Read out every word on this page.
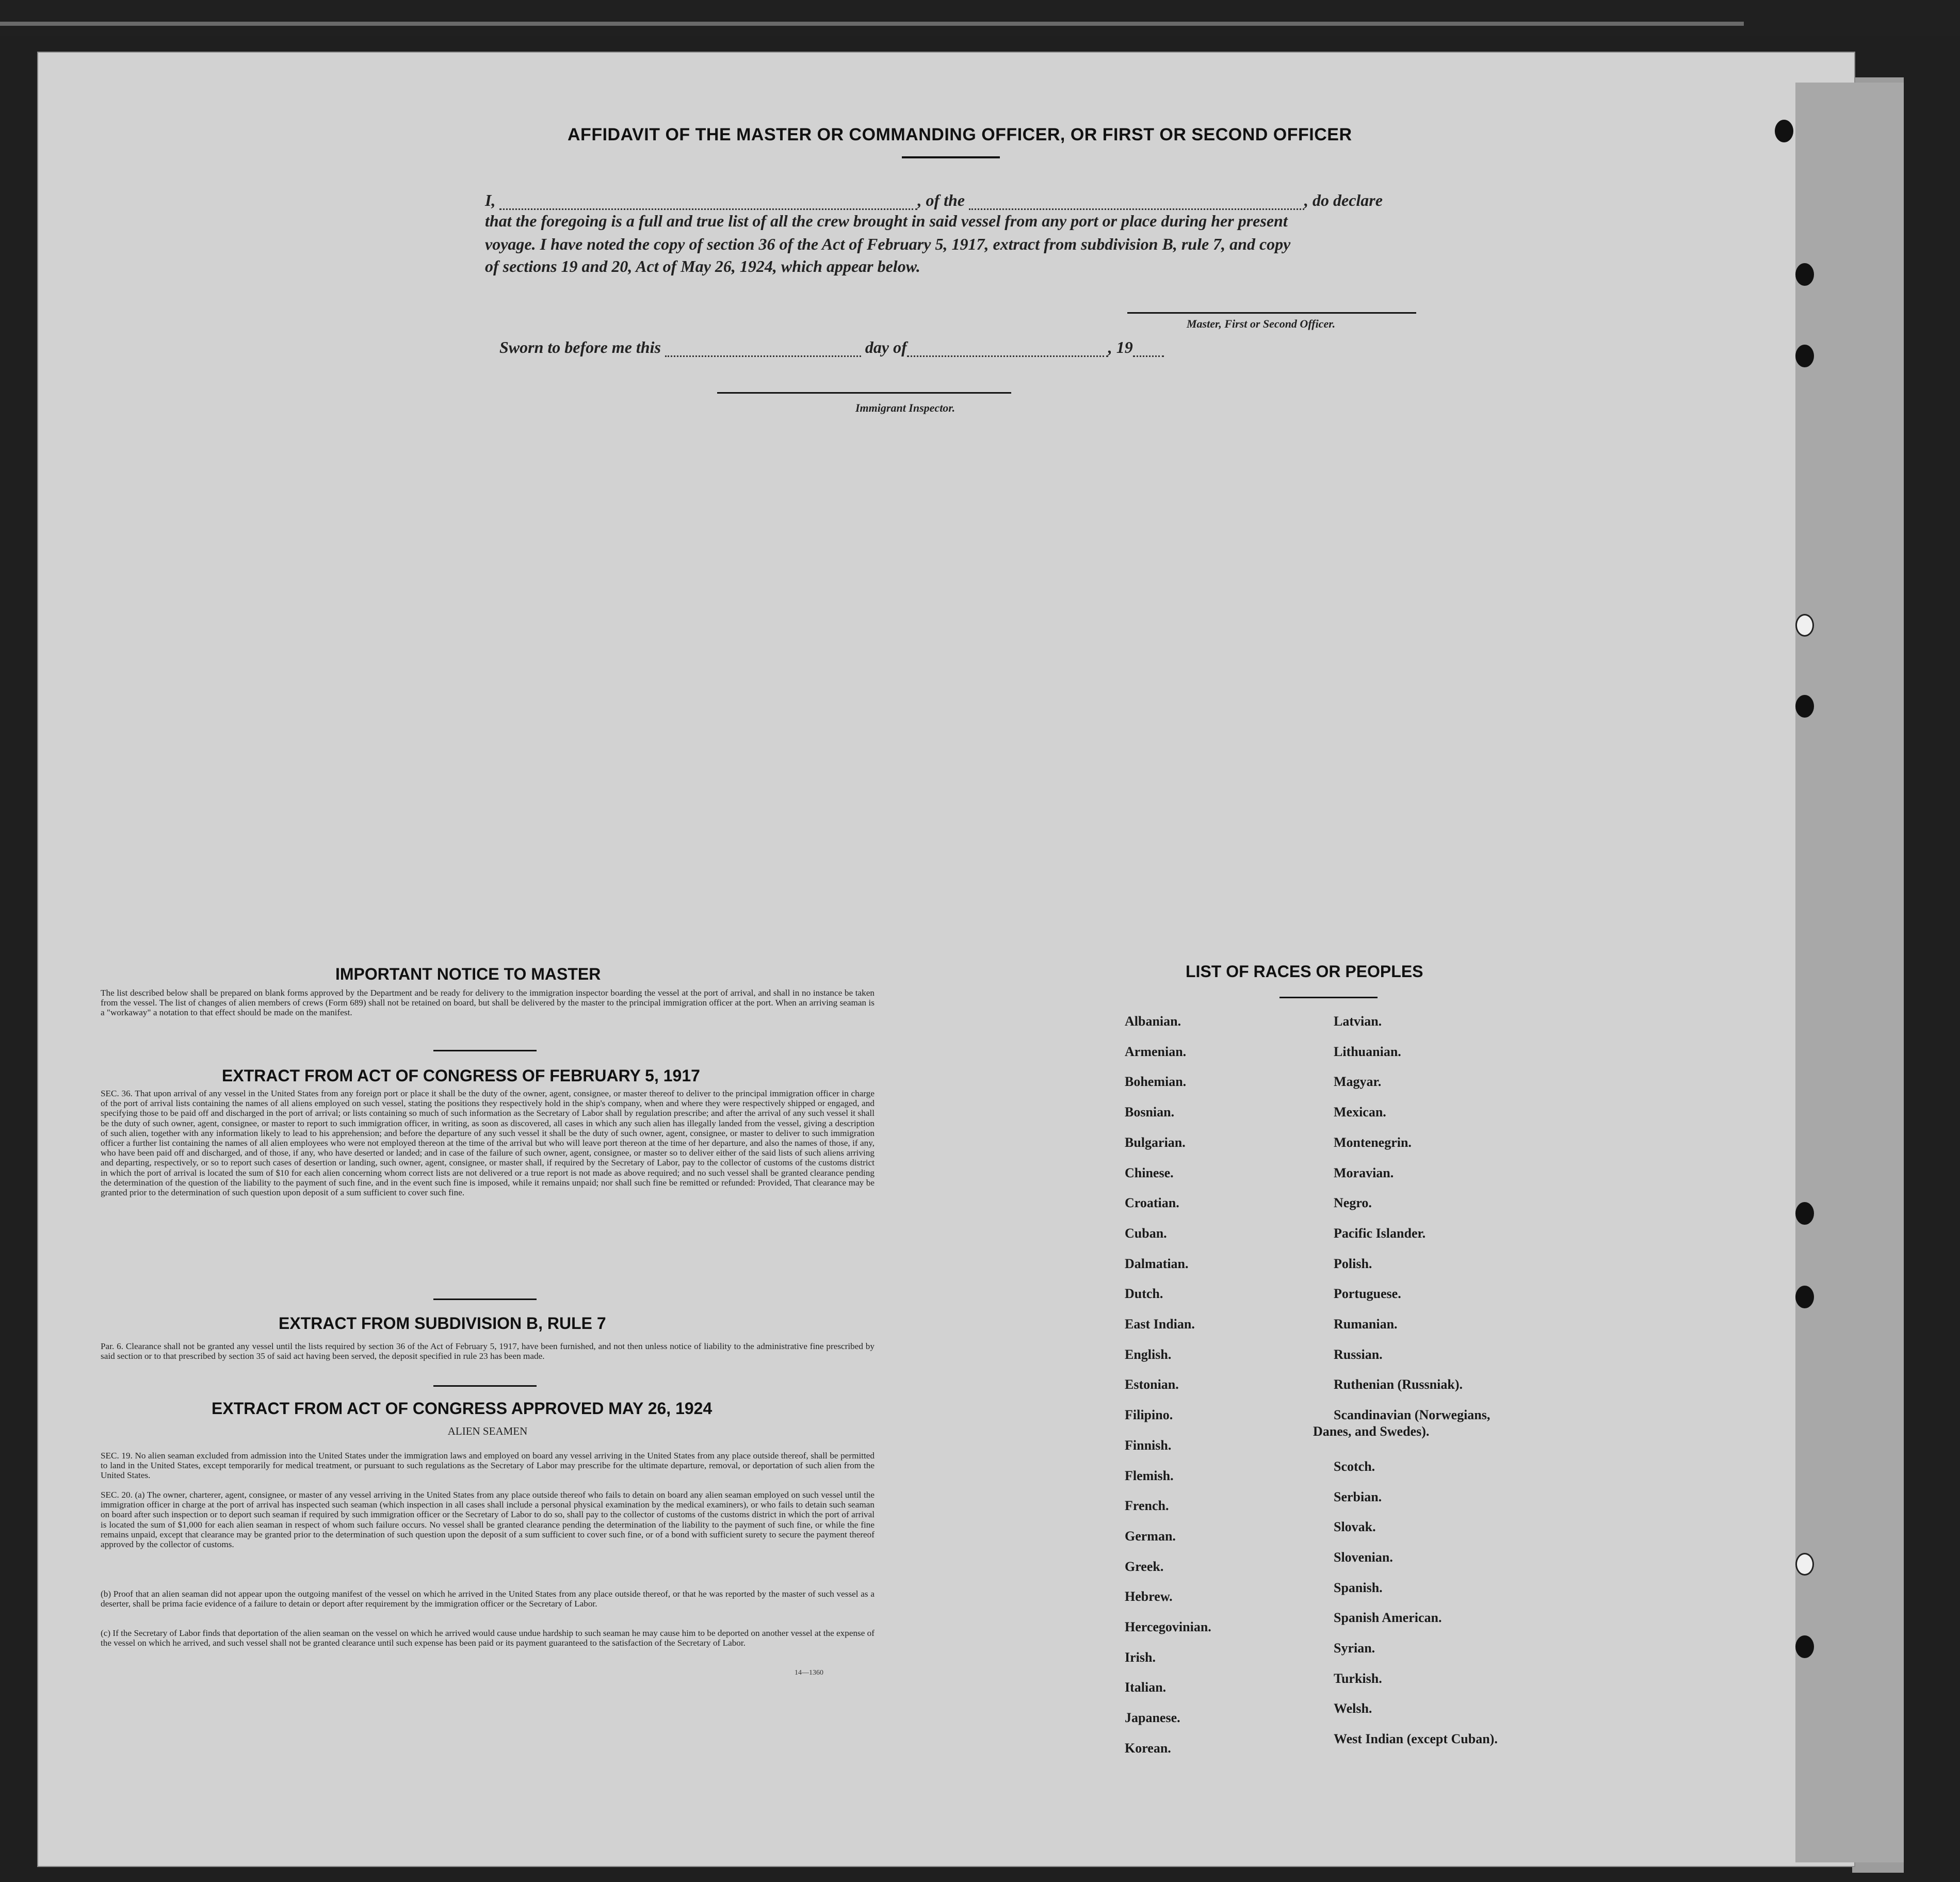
AFFIDAVIT OF THE MASTER OR COMMANDING OFFICER, OR FIRST OR SECOND OFFICER
I,	, of the	, do declare
that the foregoing is a full and true list of all the crew brought in said vessel from any port or place during her present
voyage. I have noted the copy of section 36 of the Act of February 5, 1917, extract from subdivision B, rule 7, and copy
of sections 19 and 20, Act of May 26, 1924, which appear below.
Master, First or Second Officer.
Sworn to before me this	day of	, 19
Immigrant Inspector.
IMPORTANT NOTICE TO MASTER
The list described below shall be prepared on blank forms approved by the Department and be ready for delivery to the immigration inspector boarding the vessel at the port of arrival, and shall in no instance be taken from the vessel. The list of changes of alien members of crews (Form 689) shall not be retained on board, but shall be delivered by the master to the principal immigration officer at the port. When an arriving seaman is a "workaway" a notation to that effect should be made on the manifest.
EXTRACT FROM ACT OF CONGRESS OF FEBRUARY 5, 1917
SEC. 36. That upon arrival of any vessel in the United States from any foreign port or place it shall be the duty of the owner, agent, consignee, or master thereof to deliver to the principal immigration officer in charge of the port of arrival lists containing the names of all aliens employed on such vessel, stating the positions they respectively hold in the ship's company, when and where they were respectively shipped or engaged, and specifying those to be paid off and discharged in the port of arrival; or lists containing so much of such information as the Secretary of Labor shall by regulation prescribe; and after the arrival of any such vessel it shall be the duty of such owner, agent, consignee, or master to report to such immigration officer, in writing, as soon as discovered, all cases in which any such alien has illegally landed from the vessel, giving a description of such alien, together with any information likely to lead to his apprehension; and before the departure of any such vessel it shall be the duty of such owner, agent, consignee, or master to deliver to such immigration officer a further list containing the names of all alien employees who were not employed thereon at the time of the arrival but who will leave port thereon at the time of her departure, and also the names of those, if any, who have been paid off and discharged, and of those, if any, who have deserted or landed; and in case of the failure of such owner, agent, consignee, or master so to deliver either of the said lists of such aliens arriving and departing, respectively, or so to report such cases of desertion or landing, such owner, agent, consignee, or master shall, if required by the Secretary of Labor, pay to the collector of customs of the customs district in which the port of arrival is located the sum of $10 for each alien concerning whom correct lists are not delivered or a true report is not made as above required; and no such vessel shall be granted clearance pending the determination of the question of the liability to the payment of such fine, and in the event such fine is imposed, while it remains unpaid; nor shall such fine be remitted or refunded: Provided, That clearance may be granted prior to the determination of such question upon deposit of a sum sufficient to cover such fine.
EXTRACT FROM SUBDIVISION B, RULE 7
Par. 6. Clearance shall not be granted any vessel until the lists required by section 36 of the Act of February 5, 1917, have been furnished, and not then unless notice of liability to the administrative fine prescribed by said section or to that prescribed by section 35 of said act having been served, the deposit specified in rule 23 has been made.
EXTRACT FROM ACT OF CONGRESS APPROVED MAY 26, 1924
ALIEN SEAMEN
SEC. 19. No alien seaman excluded from admission into the United States under the immigration laws and employed on board any vessel arriving in the United States from any place outside thereof, shall be permitted to land in the United States, except temporarily for medical treatment, or pursuant to such regulations as the Secretary of Labor may prescribe for the ultimate departure, removal, or deportation of such alien from the United States.
SEC. 20. (a) The owner, charterer, agent, consignee, or master of any vessel arriving in the United States from any place outside thereof who fails to detain on board any alien seaman employed on such vessel until the immigration officer in charge at the port of arrival has inspected such seaman (which inspection in all cases shall include a personal physical examination by the medical examiners), or who fails to detain such seaman on board after such inspection or to deport such seaman if required by such immigration officer or the Secretary of Labor to do so, shall pay to the collector of customs of the customs district in which the port of arrival is located the sum of $1,000 for each alien seaman in respect of whom such failure occurs. No vessel shall be granted clearance pending the determination of the liability to the payment of such fine, or while the fine remains unpaid, except that clearance may be granted prior to the determination of such question upon the deposit of a sum sufficient to cover such fine, or of a bond with sufficient surety to secure the payment thereof approved by the collector of customs.
(b) Proof that an alien seaman did not appear upon the outgoing manifest of the vessel on which he arrived in the United States from any place outside thereof, or that he was reported by the master of such vessel as a deserter, shall be prima facie evidence of a failure to detain or deport after requirement by the immigration officer or the Secretary of Labor.
(c) If the Secretary of Labor finds that deportation of the alien seaman on the vessel on which he arrived would cause undue hardship to such seaman he may cause him to be deported on another vessel at the expense of the vessel on which he arrived, and such vessel shall not be granted clearance until such expense has been paid or its payment guaranteed to the satisfaction of the Secretary of Labor.
14—1360
LIST OF RACES OR PEOPLES
Albanian.
Armenian.
Bohemian.
Bosnian.
Bulgarian.
Chinese.
Croatian.
Cuban.
Dalmatian.
Dutch.
East Indian.
English.
Estonian.
Filipino.
Finnish.
Flemish.
French.
German.
Greek.
Hebrew.
Hercegovinian.
Irish.
Italian.
Japanese.
Korean.
Latvian.
Lithuanian.
Magyar.
Mexican.
Montenegrin.
Moravian.
Negro.
Pacific Islander.
Polish.
Portuguese.
Rumanian.
Russian.
Ruthenian (Russniak).
Scandinavian (Norwegians,
Danes, and Swedes).
Scotch.
Serbian.
Slovak.
Slovenian.
Spanish.
Spanish American.
Syrian.
Turkish.
Welsh.
West Indian (except Cuban).
